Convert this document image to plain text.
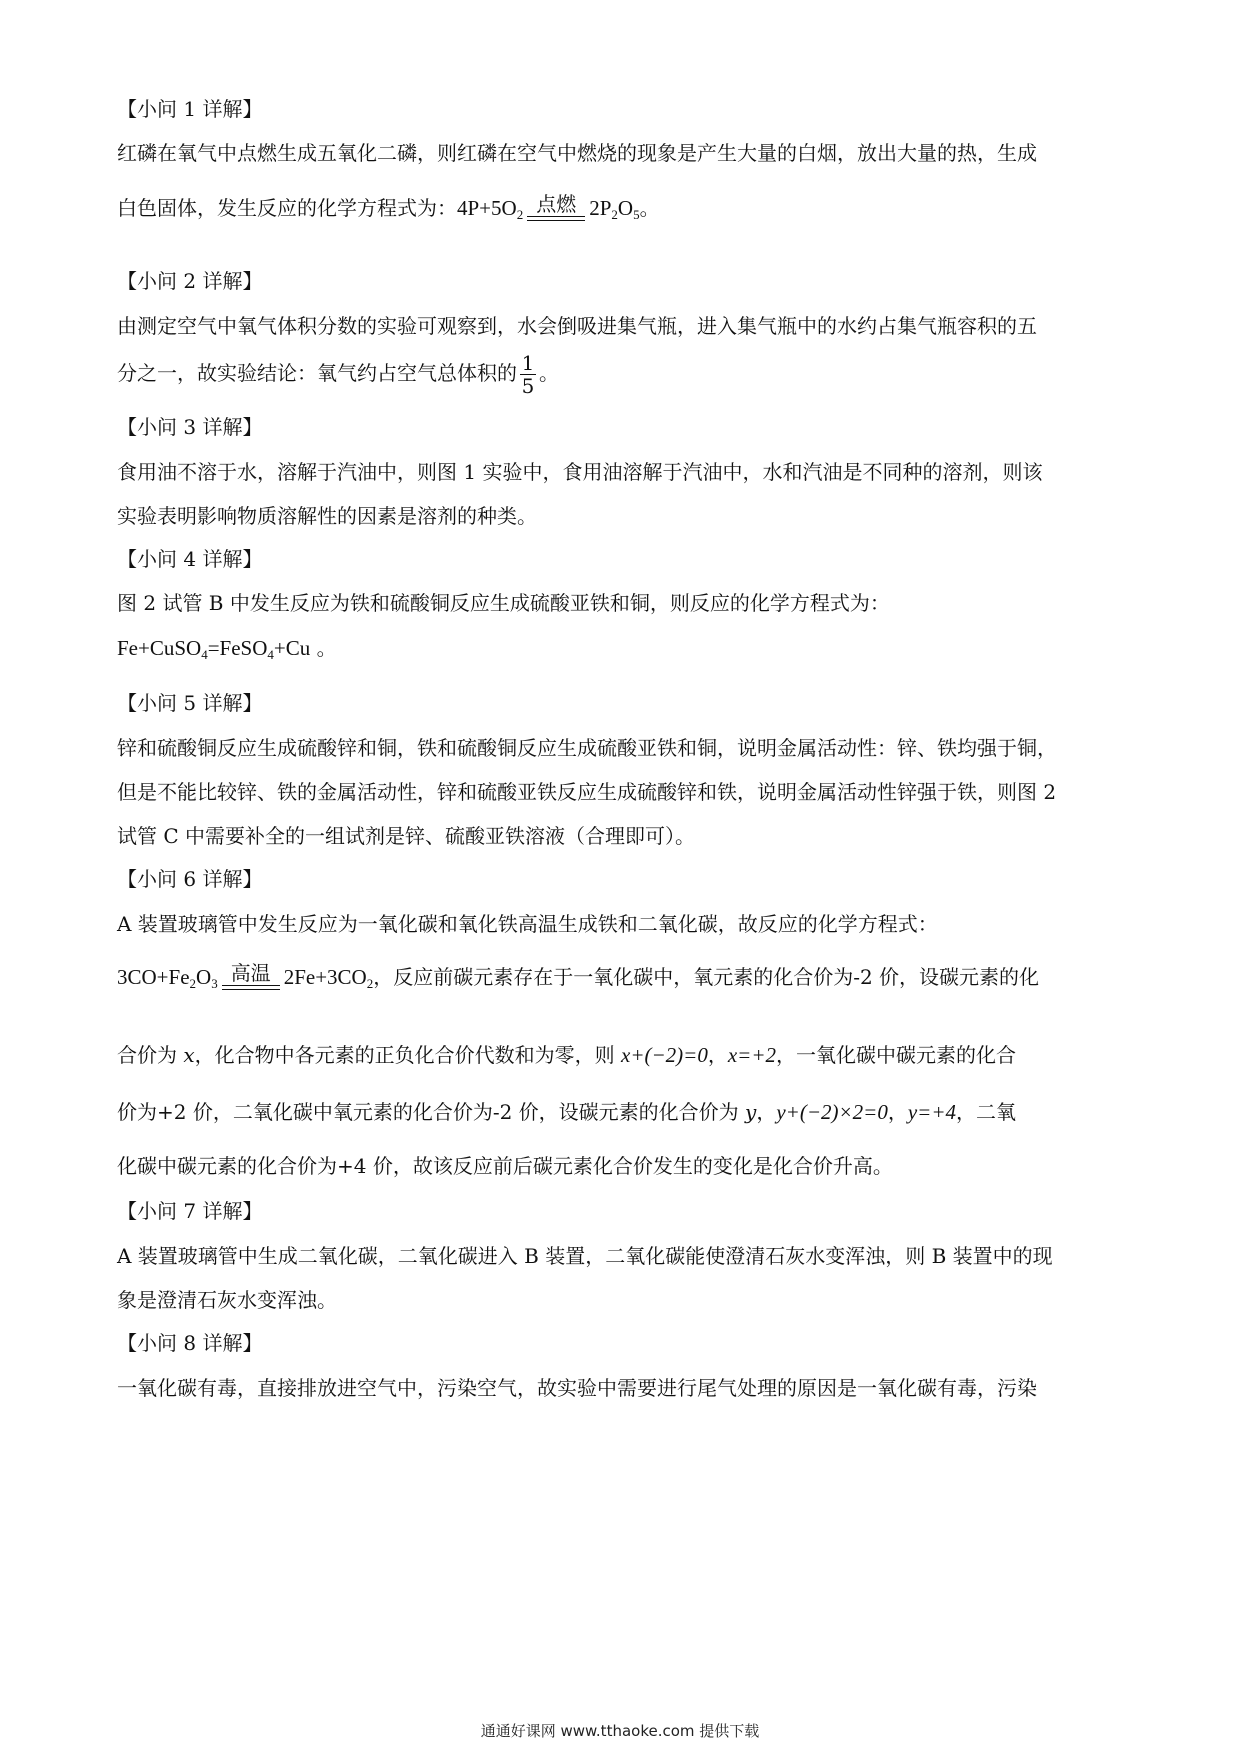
【小问 1 详解】
红磷在氧气中点燃生成五氧化二磷，则红磷在空气中燃烧的现象是产生大量的白烟，放出大量的热，生成
白色固体，发生反应的化学方程式为：$4P+5O_2$ 点燃 $2P_2O_5$。
【小问 2 详解】
由测定空气中氧气体积分数的实验可观察到，水会倒吸进集气瓶，进入集气瓶中的水约占集气瓶容积的五
分之一，故实验结论：氧气约占空气总体积的 $\frac{1}{5}$ 。
【小问 3 详解】
食用油不溶于水，溶解于汽油中，则图 1 实验中，食用油溶解于汽油中，水和汽油是不同种的溶剂，则该
实验表明影响物质溶解性的因素是溶剂的种类。
【小问 4 详解】
图 2 试管 B 中发生反应为铁和硫酸铜反应生成硫酸亚铁和铜，则反应的化学方程式为：
Fe+CuSO$_4$=FeSO$_4$+Cu 。
【小问 5 详解】
锌和硫酸铜反应生成硫酸锌和铜，铁和硫酸铜反应生成硫酸亚铁和铜，说明金属活动性：锌、铁均强于铜，
但是不能比较锌、铁的金属活动性，锌和硫酸亚铁反应生成硫酸锌和铁，说明金属活动性锌强于铁，则图 2
试管 C 中需要补全的一组试剂是锌、硫酸亚铁溶液（合理即可）。
【小问 6 详解】
A 装置玻璃管中发生反应为一氧化碳和氧化铁高温生成铁和二氧化碳，故反应的化学方程式：
$3CO+Fe_2O_3$ 高温 $2Fe+3CO_2$，反应前碳元素存在于一氧化碳中，氧元素的化合价为-2 价，设碳元素的化
合价为 x，化合物中各元素的正负化合价代数和为零，则 x+(−2)=0，x=+2，一氧化碳中碳元素的化合
价为+2 价，二氧化碳中氧元素的化合价为-2 价，设碳元素的化合价为 y，y+(−2)×2=0，y=+4，二氧
化碳中碳元素的化合价为+4 价，故该反应前后碳元素化合价发生的变化是化合价升高。
【小问 7 详解】
A 装置玻璃管中生成二氧化碳，二氧化碳进入 B 装置，二氧化碳能使澄清石灰水变浑浊，则 B 装置中的现
象是澄清石灰水变浑浊。
【小问 8 详解】
一氧化碳有毒，直接排放进空气中，污染空气，故实验中需要进行尾气处理的原因是一氧化碳有毒，污染
通通好课网 www.tthaoke.com 提供下载
